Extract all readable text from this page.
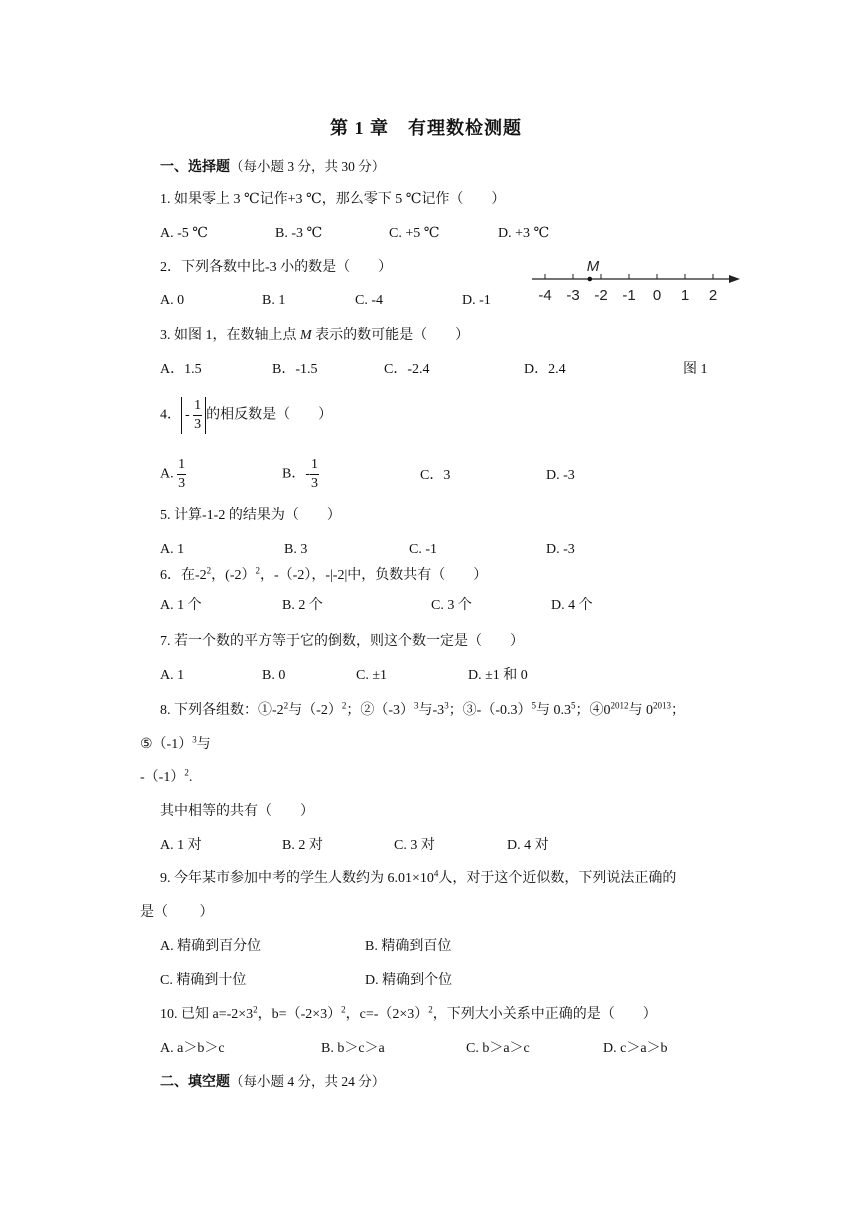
第 1 章　有理数检测题
一、选择题（每小题 3 分，共 30 分）
1. 如果零上 3 ℃记作+3 ℃，那么零下 5 ℃记作（　　）
A. -5 ℃	B. -3 ℃	C. +5 ℃	D. +3 ℃
2．下列各数中比-3 小的数是（　　）
A. 0	B. 1	C. -4	D. -1	-4 -3 -2 -1 0 1 2
M
3. 如图 1，在数轴上点 M 表示的数可能是（　　）
A．1.5	B．-1.5	C．-2.4	D．2.4	图 1
4． - $\frac{1}{3}$ 的相反数是（　　）
A. $\frac{1}{3}$	B．- $\frac{1}{3}$	C．3	D. -3
5. 计算-1-2 的结果为（　　）
A. 1	B. 3	C. -1	D. -3
6．在$-2^2$，(-2）$^2$，-（-2），-|-2|中，负数共有（　　）
A. 1 个	B. 2 个	C. 3 个	D. 4 个
7. 若一个数的平方等于它的倒数，则这个数一定是（　　）
A. 1	B. 0	C. ±1	D. ±1 和 0
8. 下列各组数：$①-2^2$与$(-2)^2$；$②(-3)^3$与$-3^3$；$③-(-0.3)^5$与 $0.3^5$；$④0^{2012}$与 $0^{2013}$；
$⑤(-1)^3$与
$-(-1)^2$.
其中相等的共有（　　）
A. 1 对	B. 2 对	C. 3 对	D. 4 对
9. 今年某市参加中考的学生人数约为 $6.01\times 10^4$人，对于这个近似数，下列说法正确的
是（　　 ）
A. 精确到百分位	B. 精确到百位
C. 精确到十位	D. 精确到个位
10. 已知 $a=-2\times 3^2$，$b=(-2\times 3)^2$，$c=-(2\times 3)^2$，下列大小关系中正确的是（　　）
A. a＞b＞c	B. b＞c＞a	C. b＞a＞c	D. c＞a＞b
二、填空题（每小题 4 分，共 24 分）
